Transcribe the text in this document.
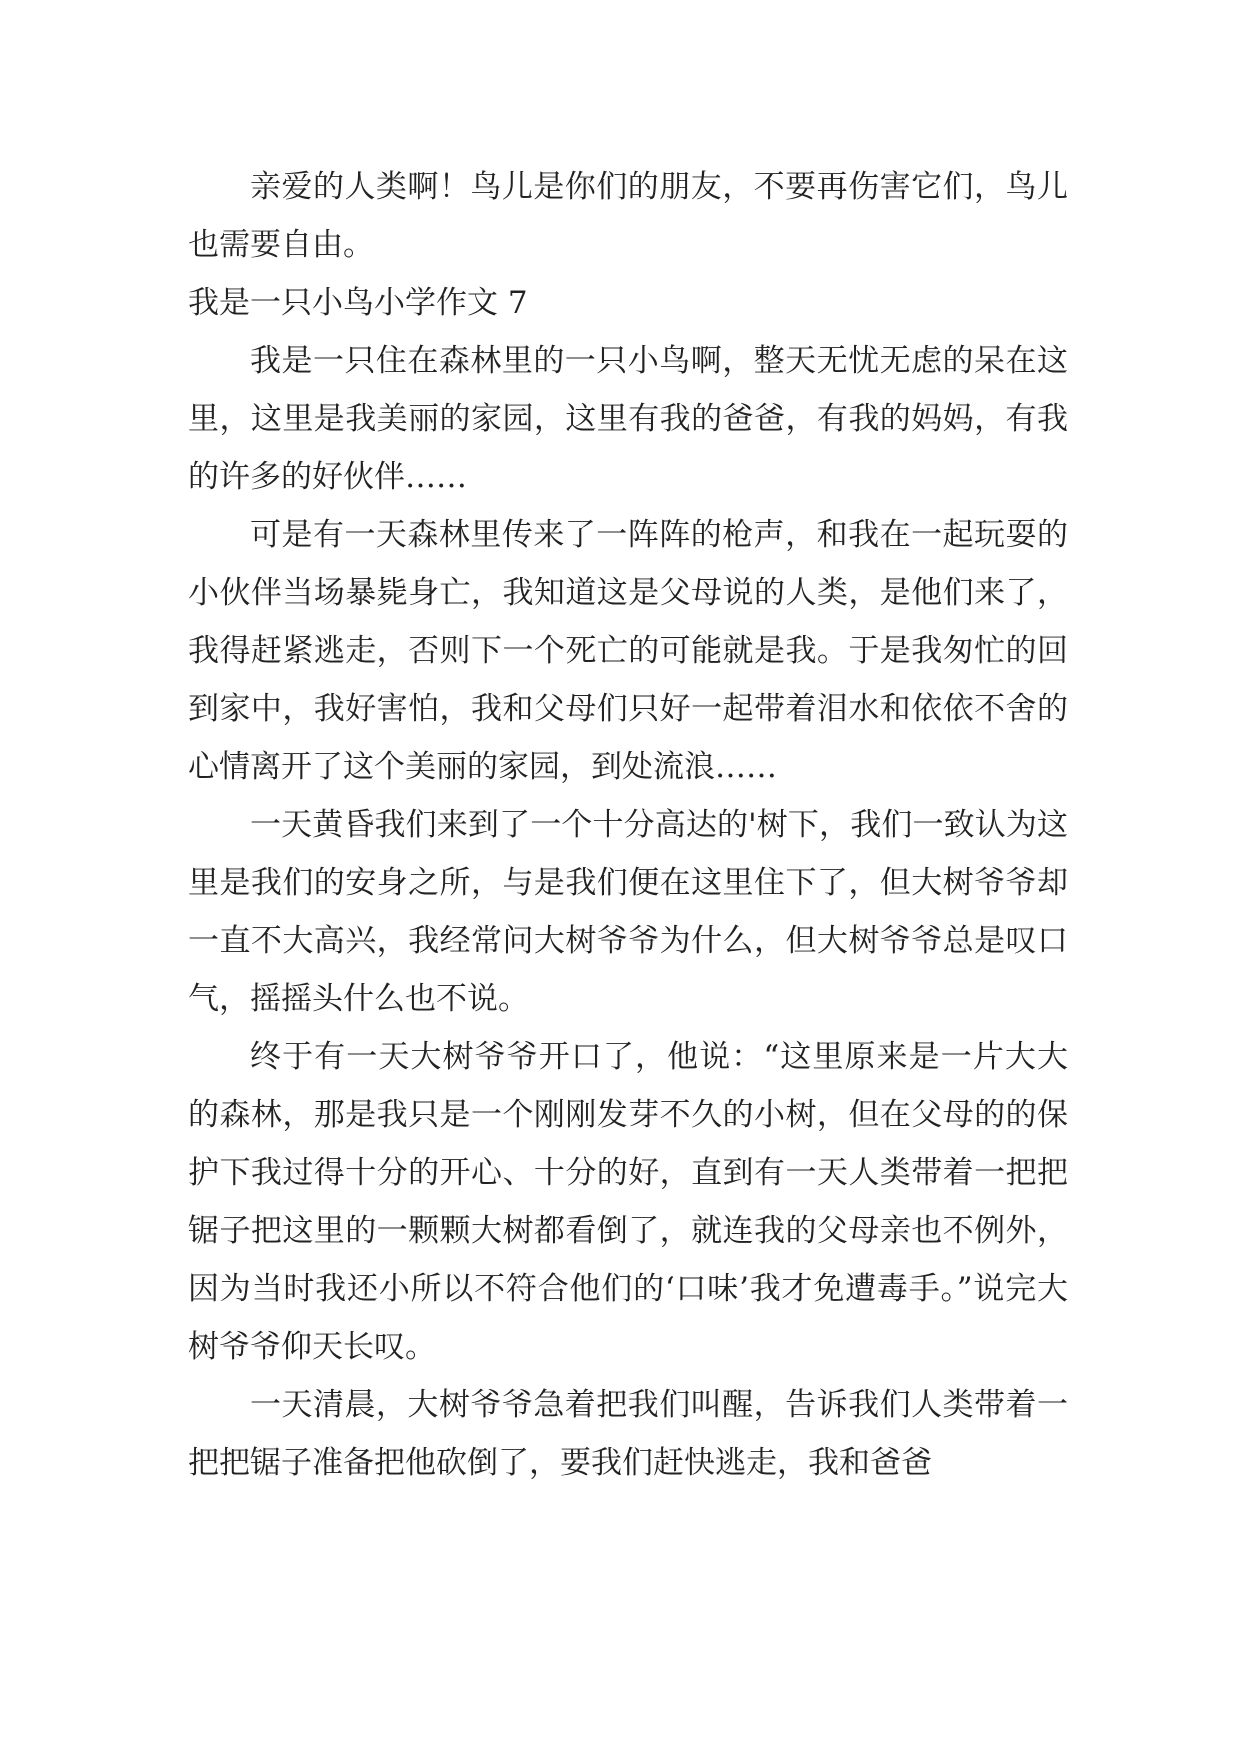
亲爱的人类啊！鸟儿是你们的朋友，不要再伤害它们，鸟儿也需要自由。

我是一只小鸟小学作文 7

我是一只住在森林里的一只小鸟啊，整天无忧无虑的呆在这里，这里是我美丽的家园，这里有我的爸爸，有我的妈妈，有我的许多的好伙伴……

可是有一天森林里传来了一阵阵的枪声，和我在一起玩耍的小伙伴当场暴毙身亡，我知道这是父母说的人类，是他们来了，我得赶紧逃走，否则下一个死亡的可能就是我。于是我匆忙的回到家中，我好害怕，我和父母们只好一起带着泪水和依依不舍的心情离开了这个美丽的家园，到处流浪……

一天黄昏我们来到了一个十分高达的'树下，我们一致认为这里是我们的安身之所，与是我们便在这里住下了，但大树爷爷却一直不大高兴，我经常问大树爷爷为什么，但大树爷爷总是叹口气，摇摇头什么也不说。

终于有一天大树爷爷开口了，他说：“这里原来是一片大大的森林，那是我只是一个刚刚发芽不久的小树，但在父母的的保护下我过得十分的开心、十分的好，直到有一天人类带着一把把锯子把这里的一颗颗大树都看倒了，就连我的父母亲也不例外，因为当时我还小所以不符合他们的‘口味’我才免遭毒手。”说完大树爷爷仰天长叹。

一天清晨，大树爷爷急着把我们叫醒，告诉我们人类带着一把把锯子准备把他砍倒了，要我们赶快逃走，我和爸爸
